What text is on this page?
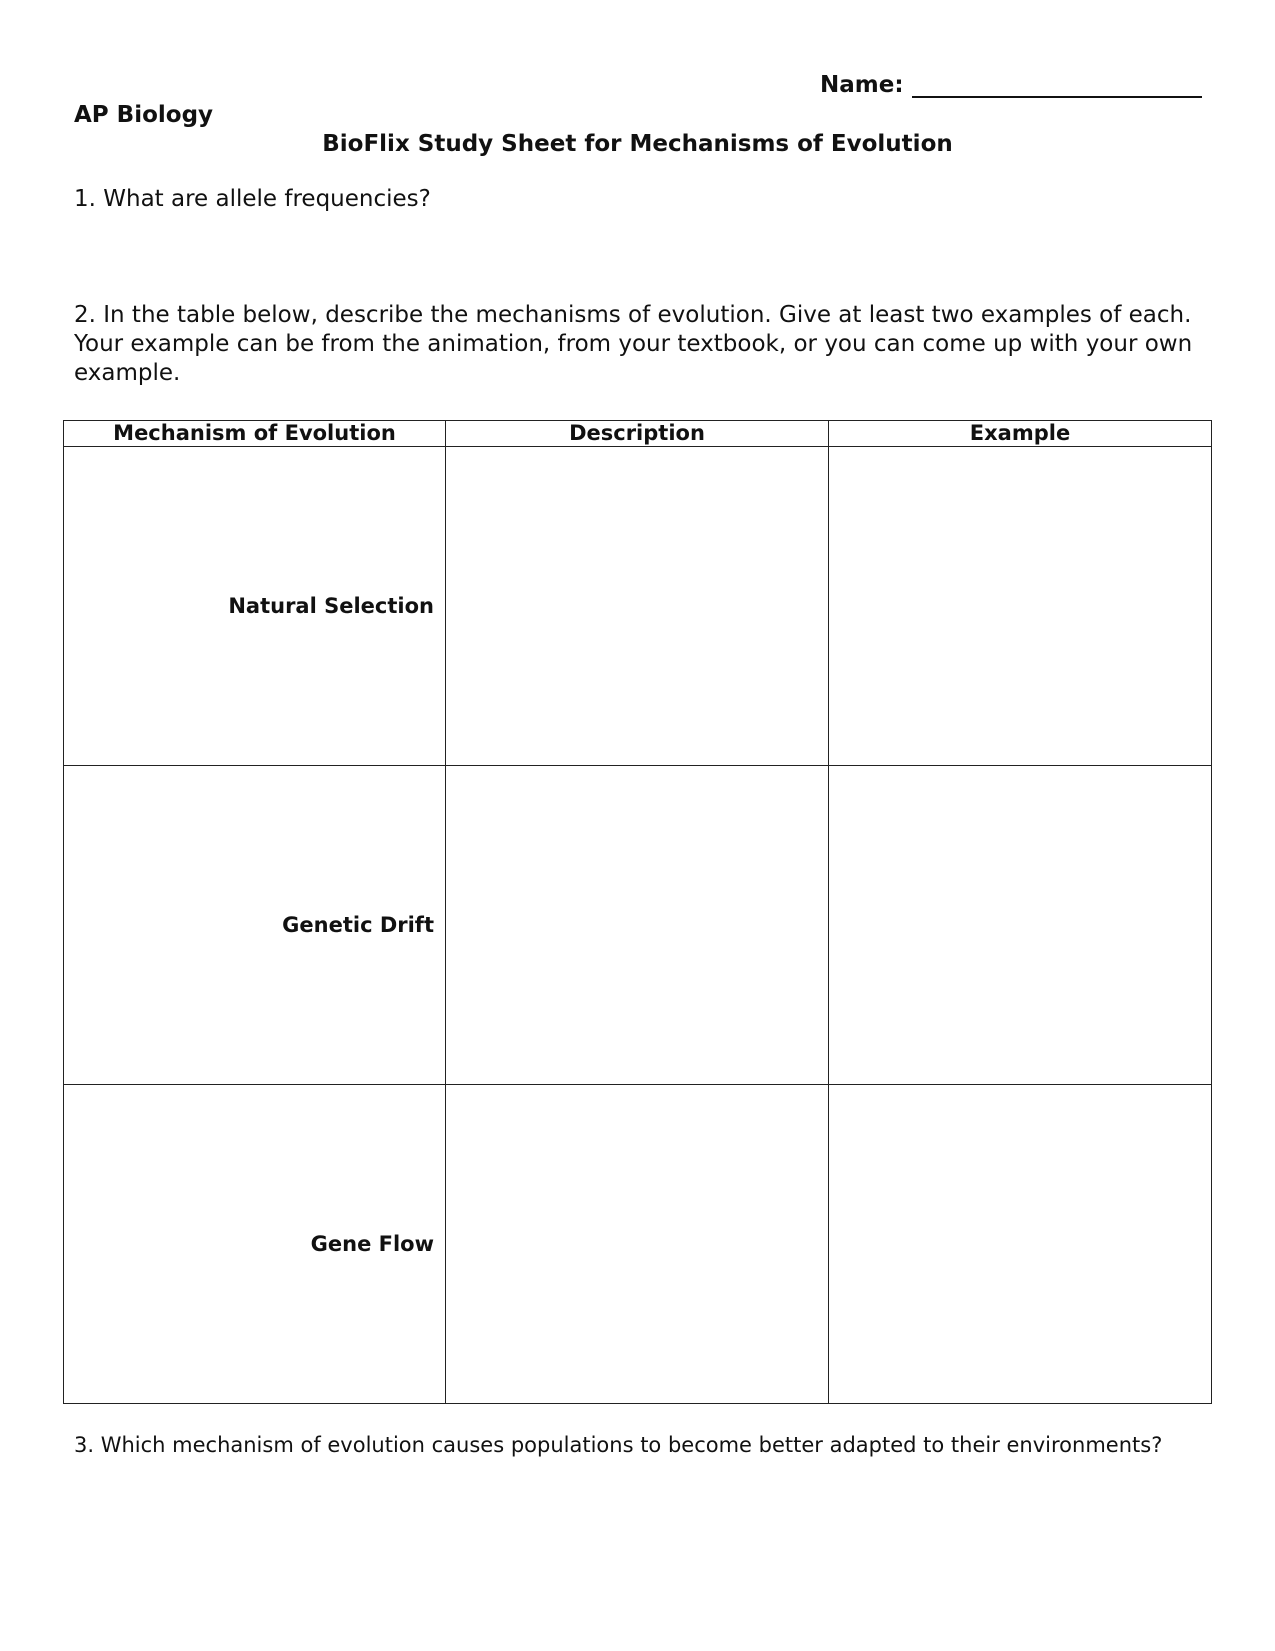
Name:
AP Biology
BioFlix Study Sheet for Mechanisms of Evolution
1. What are allele frequencies?
2. In the table below, describe the mechanisms of evolution. Give at least two examples of each. Your example can be from the animation, from your textbook, or you can come up with your own example.
Mechanism of Evolution	Description	Example
Natural Selection		
Genetic Drift		
Gene Flow		
3. Which mechanism of evolution causes populations to become better adapted to their environments?
